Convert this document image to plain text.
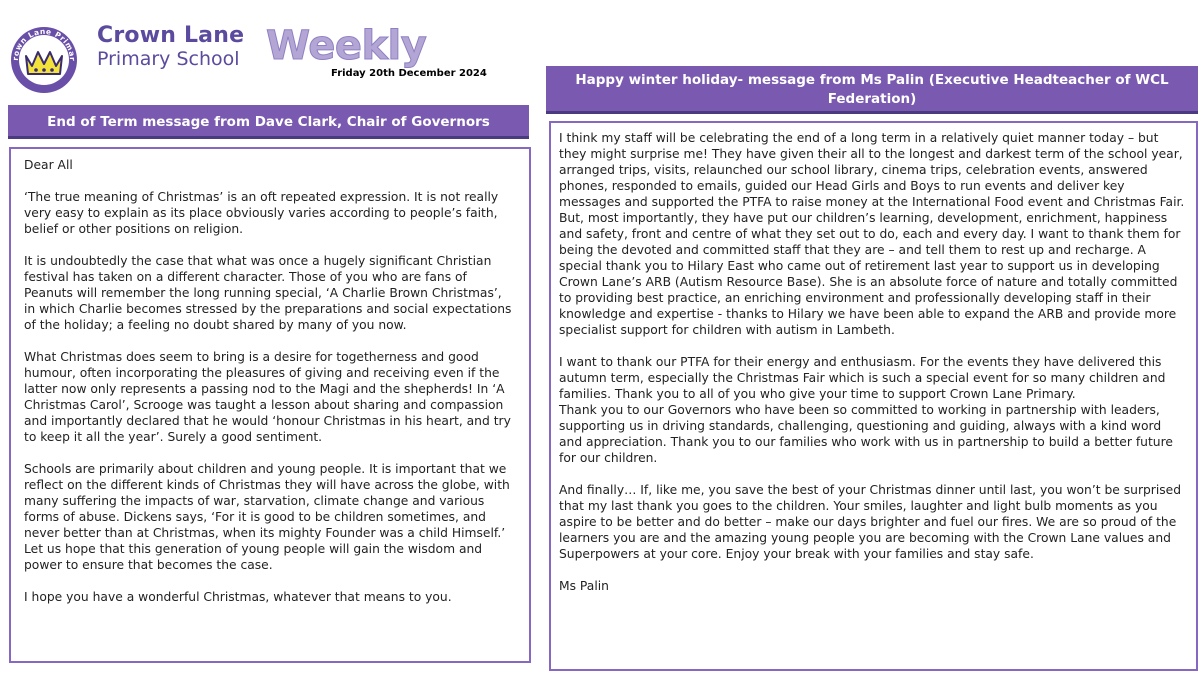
rown Lane Primar
Crown Lane
Primary School Weekly
Friday 20th December 2024
End of Term message from Dave Clark, Chair of Governors

Dear All

‘The true meaning of Christmas’ is an oft repeated expression. It is not really very easy to explain as its place obviously varies according to people’s faith, belief or other positions on religion.

It is undoubtedly the case that what was once a hugely significant Christian festival has taken on a different character. Those of you who are fans of Peanuts will remember the long running special, ‘A Charlie Brown Christmas’, in which Charlie becomes stressed by the preparations and social expectations of the holiday; a feeling no doubt shared by many of you now.

What Christmas does seem to bring is a desire for togetherness and good humour, often incorporating the pleasures of giving and receiving even if the latter now only represents a passing nod to the Magi and the shepherds! In ‘A Christmas Carol’, Scrooge was taught a lesson about sharing and compassion and importantly declared that he would ‘honour Christmas in his heart, and try to keep it all the year’. Surely a good sentiment.

Schools are primarily about children and young people. It is important that we reflect on the different kinds of Christmas they will have across the globe, with many suffering the impacts of war, starvation, climate change and various forms of abuse. Dickens says, ‘For it is good to be children sometimes, and never better than at Christmas, when its mighty Founder was a child Himself.’ Let us hope that this generation of young people will gain the wisdom and power to ensure that becomes the case.

I hope you have a wonderful Christmas, whatever that means to you.

Happy winter holiday- message from Ms Palin (Executive Headteacher of WCL Federation)

I think my staff will be celebrating the end of a long term in a relatively quiet manner today – but they might surprise me! They have given their all to the longest and darkest term of the school year, arranged trips, visits, relaunched our school library, cinema trips, celebration events, answered phones, responded to emails, guided our Head Girls and Boys to run events and deliver key messages and supported the PTFA to raise money at the International Food event and Christmas Fair. But, most importantly, they have put our children’s learning, development, enrichment, happiness and safety, front and centre of what they set out to do, each and every day. I want to thank them for being the devoted and committed staff that they are – and tell them to rest up and recharge. A special thank you to Hilary East who came out of retirement last year to support us in developing Crown Lane’s ARB (Autism Resource Base). She is an absolute force of nature and totally committed to providing best practice, an enriching environment and professionally developing staff in their knowledge and expertise - thanks to Hilary we have been able to expand the ARB and provide more specialist support for children with autism in Lambeth.

I want to thank our PTFA for their energy and enthusiasm. For the events they have delivered this autumn term, especially the Christmas Fair which is such a special event for so many children and families. Thank you to all of you who give your time to support Crown Lane Primary.

Thank you to our Governors who have been so committed to working in partnership with leaders, supporting us in driving standards, challenging, questioning and guiding, always with a kind word and appreciation. Thank you to our families who work with us in partnership to build a better future for our children.

And finally… If, like me, you save the best of your Christmas dinner until last, you won’t be surprised that my last thank you goes to the children. Your smiles, laughter and light bulb moments as you aspire to be better and do better – make our days brighter and fuel our fires. We are so proud of the learners you are and the amazing young people you are becoming with the Crown Lane values and Superpowers at your core. Enjoy your break with your families and stay safe.

Ms Palin
